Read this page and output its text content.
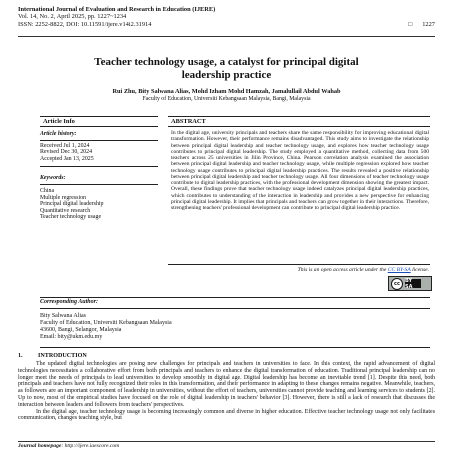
International Journal of Evaluation and Research in Education (IJERE)
Vol. 14, No. 2, April 2025, pp. 1227~1234
ISSN: 2252-8822, DOI: 10.11591/ijere.v14i2.31914	□ 1227
Teacher technology usage, a catalyst for principal digital
leadership practice
Rui Zhu, Bity Salwana Alias, Mohd Izham Mohd Hamzah, Jamalullail Abdul Wahab
Faculty of Education, Universiti Kebangsaan Malaysia, Bangi, Malaysia
Article Info	ABSTRACT
Article history:
Received Jul 1, 2024
Revised Dec 30, 2024
Accepted Jan 13, 2025
Keywords:
China
Multiple regression
Principal digital leadership
Quantitative research
Teacher technology usage
In the digital age, university principals and teachers share the same responsibility for improving educational digital transformation. However, their performance remains disadvantaged. This study aims to investigate the relationship between principal digital leadership and teacher technology usage, and explores how teacher technology usage contributes to principal digital leadership. The study employed a quantitative method, collecting data from 500 teachers across 25 universities in Jilin Province, China. Pearson correlation analysis examined the association between principal digital leadership and teacher technology usage, while multiple regression explored how teacher technology usage contributes to principal digital leadership practices. The results revealed a positive relationship between principal digital leadership and teacher technology usage. All four dimensions of teacher technology usage contribute to digital leadership practices, with the professional development dimension showing the greatest impact. Overall, these findings prove that teacher technology usage indeed catalyzes principal digital leadership practices, which contributes to understanding of the interaction in leadership and provides a new perspective for enhancing principal digital leadership. It implies that principals and teachers can grow together in their interactions. Therefore, strengthening teachers' professional development can contribute to principal digital leadership practice.
This is an open access article under the CC BY-SA license.
cc	BY SA
Corresponding Author:
Bity Salwana Alias
Faculty of Education, Universiti Kebangsaan Malaysia
43600, Bangi, Selangor, Malaysia
Email: bity@ukm.edu.my
1.	INTRODUCTION

The updated digital technologies are posing new challenges for principals and teachers in universities to face. In this context, the rapid advancement of digital technologies necessitates a collaborative effort from both principals and teachers to enhance the digital transformation of education. Traditional principal leadership can no longer meet the needs of principals to lead universities to develop smoothly in digital age. Digital leadership has become an inevitable trend [1]. Despite this need, both principals and teachers have not fully recognized their roles in this transformation, and their performance in adapting to these changes remains negative. Meanwhile, teachers, as followers are an important component of leadership in universities, without the effort of teachers, universities cannot provide teaching and learning services to students [2]. Up to now, most of the empirical studies have focused on the role of digital leadership in teachers' behavior [3]. However, there is still a lack of research that discusses the interaction between leaders and followers from teachers' perspectives.

In the digital age, teacher technology usage is becoming increasingly common and diverse in higher education. Effective teacher technology usage not only facilitates communication, changes teaching style, but

Journal homepage: http://ijere.iaescore.com
